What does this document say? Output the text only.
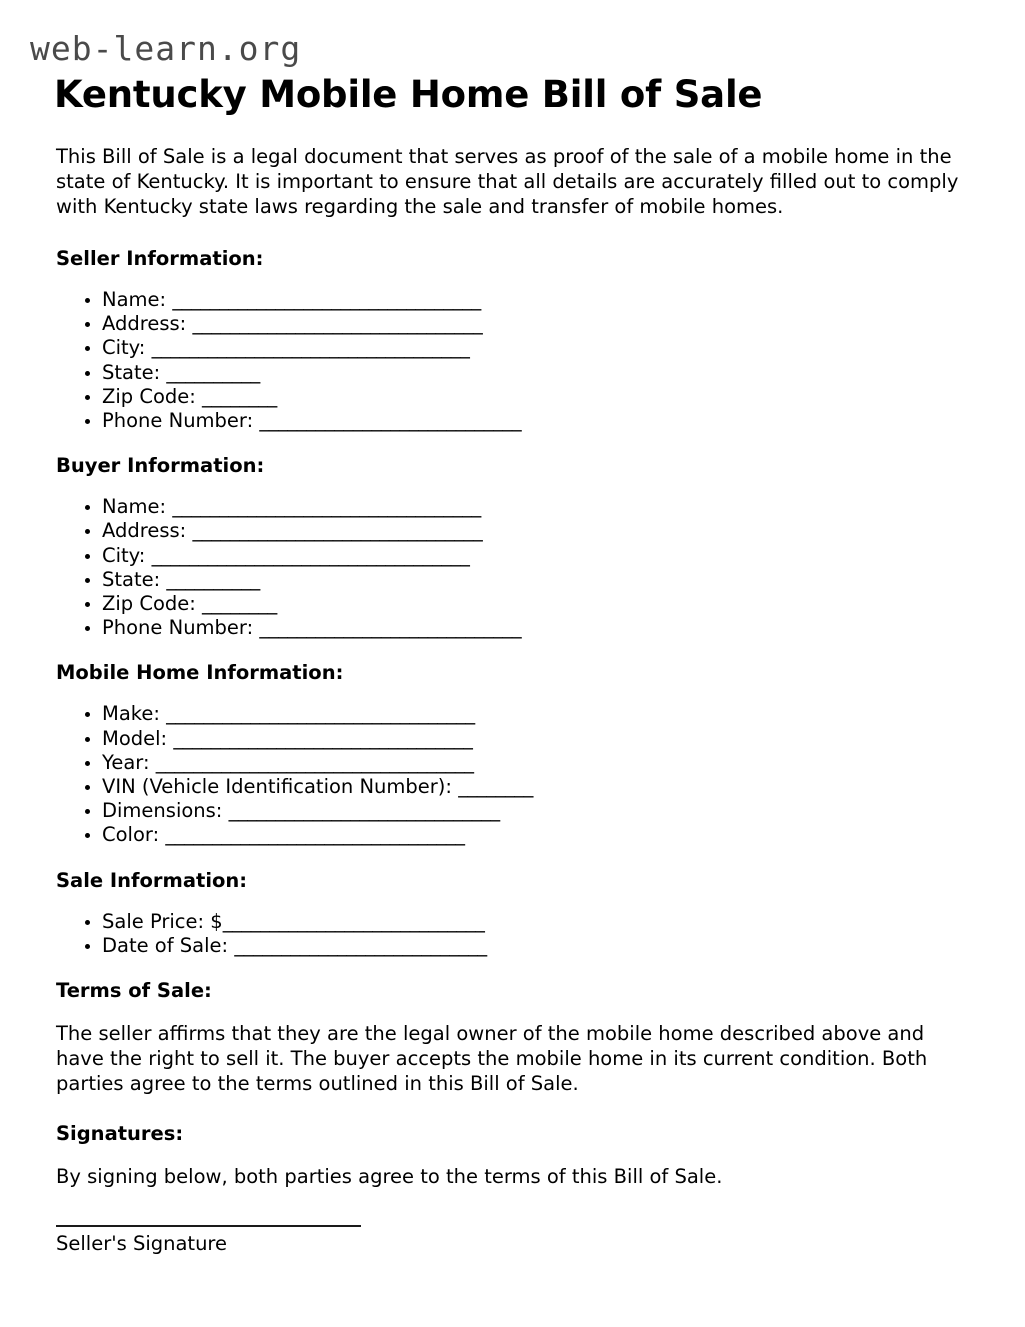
web-learn.org
Kentucky Mobile Home Bill of Sale

This Bill of Sale is a legal document that serves as proof of the sale of a mobile home in the state of Kentucky. It is important to ensure that all details are accurately filled out to comply with Kentucky state laws regarding the sale and transfer of mobile homes.

Seller Information:
• Name: _________________________________
• Address: _______________________________
• City: __________________________________
• State: __________
• Zip Code: ________
• Phone Number: ____________________________
Buyer Information:
• Name: _________________________________
• Address: _______________________________
• City: __________________________________
• State: __________
• Zip Code: ________
• Phone Number: ____________________________
Mobile Home Information:
• Make: _________________________________
• Model: ________________________________
• Year: __________________________________
• VIN (Vehicle Identification Number): ________
• Dimensions: _____________________________
• Color: ________________________________
Sale Information:
• Sale Price: $____________________________
• Date of Sale: ___________________________
Terms of Sale:

The seller affirms that they are the legal owner of the mobile home described above and have the right to sell it. The buyer accepts the mobile home in its current condition. Both parties agree to the terms outlined in this Bill of Sale.

Signatures:

By signing below, both parties agree to the terms of this Bill of Sale.

Seller's Signature
